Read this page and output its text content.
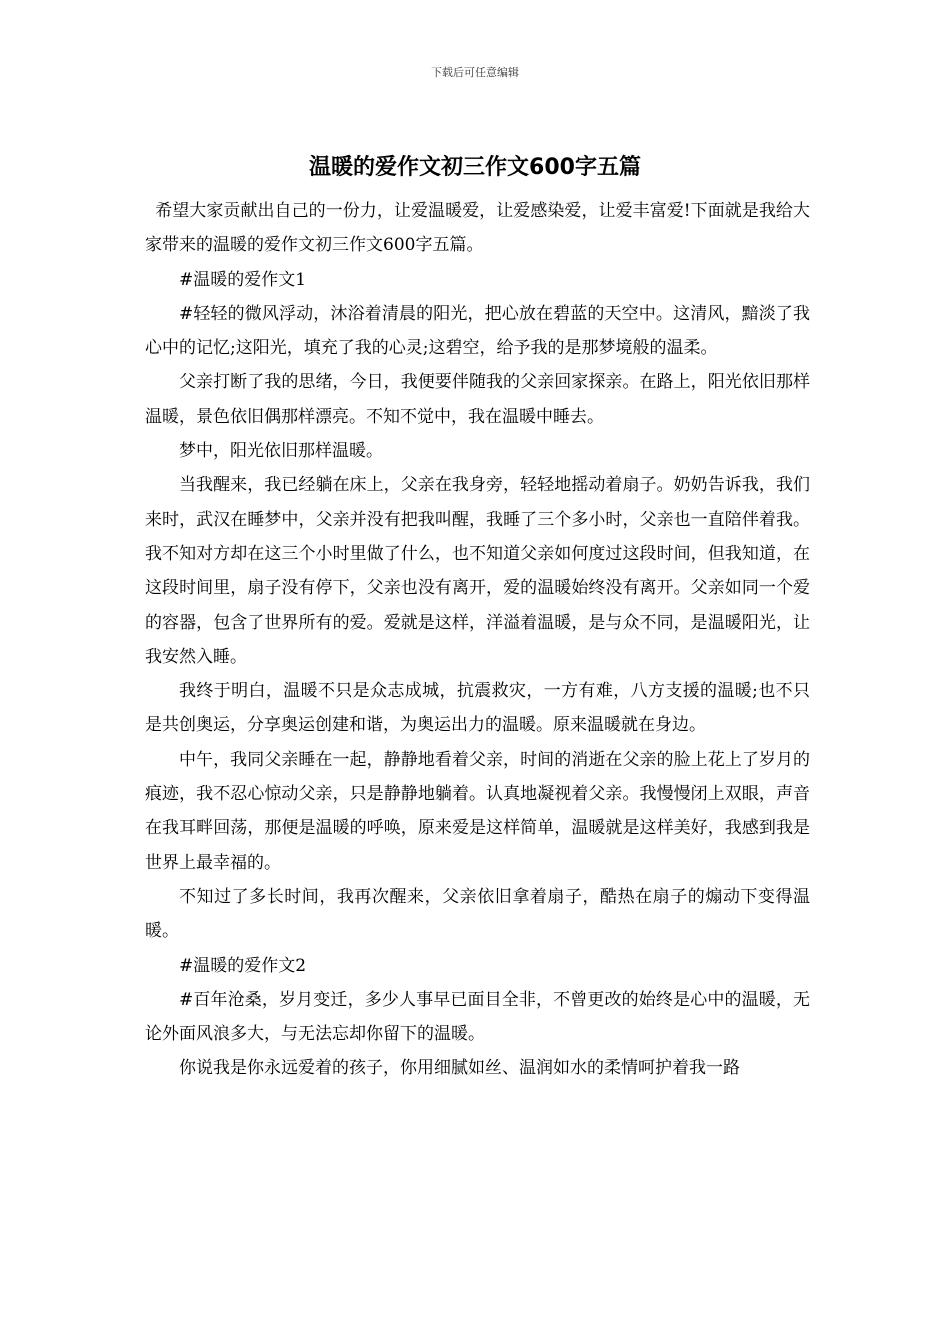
下载后可任意编辑
温暖的爱作文初三作文600字五篇

希望大家贡献出自己的一份力，让爱温暖爱，让爱感染爱，让爱丰富爱!下面就是我给大家带来的温暖的爱作文初三作文600字五篇。

#温暖的爱作文1

#轻轻的微风浮动，沐浴着清晨的阳光，把心放在碧蓝的天空中。这清风，黯淡了我心中的记忆;这阳光，填充了我的心灵;这碧空，给予我的是那梦境般的温柔。

父亲打断了我的思绪，今日，我便要伴随我的父亲回家探亲。在路上，阳光依旧那样温暖，景色依旧偶那样漂亮。不知不觉中，我在温暖中睡去。

梦中，阳光依旧那样温暖。

当我醒来，我已经躺在床上，父亲在我身旁，轻轻地摇动着扇子。奶奶告诉我，我们来时，武汉在睡梦中，父亲并没有把我叫醒，我睡了三个多小时，父亲也一直陪伴着我。我不知对方却在这三个小时里做了什么，也不知道父亲如何度过这段时间，但我知道，在这段时间里，扇子没有停下，父亲也没有离开，爱的温暖始终没有离开。父亲如同一个爱的容器，包含了世界所有的爱。爱就是这样，洋溢着温暖，是与众不同，是温暖阳光，让我安然入睡。

我终于明白，温暖不只是众志成城，抗震救灾，一方有难，八方支援的温暖;也不只是共创奥运，分享奥运创建和谐，为奥运出力的温暖。原来温暖就在身边。

中午，我同父亲睡在一起，静静地看着父亲，时间的消逝在父亲的脸上花上了岁月的痕迹，我不忍心惊动父亲，只是静静地躺着。认真地凝视着父亲。我慢慢闭上双眼，声音在我耳畔回荡，那便是温暖的呼唤，原来爱是这样简单，温暖就是这样美好，我感到我是世界上最幸福的。

不知过了多长时间，我再次醒来，父亲依旧拿着扇子，酷热在扇子的煽动下变得温暖。

#温暖的爱作文2

#百年沧桑，岁月变迁，多少人事早已面目全非，不曾更改的始终是心中的温暖，无论外面风浪多大，与无法忘却你留下的温暖。

你说我是你永远爱着的孩子，你用细腻如丝、温润如水的柔情呵护着我一路
